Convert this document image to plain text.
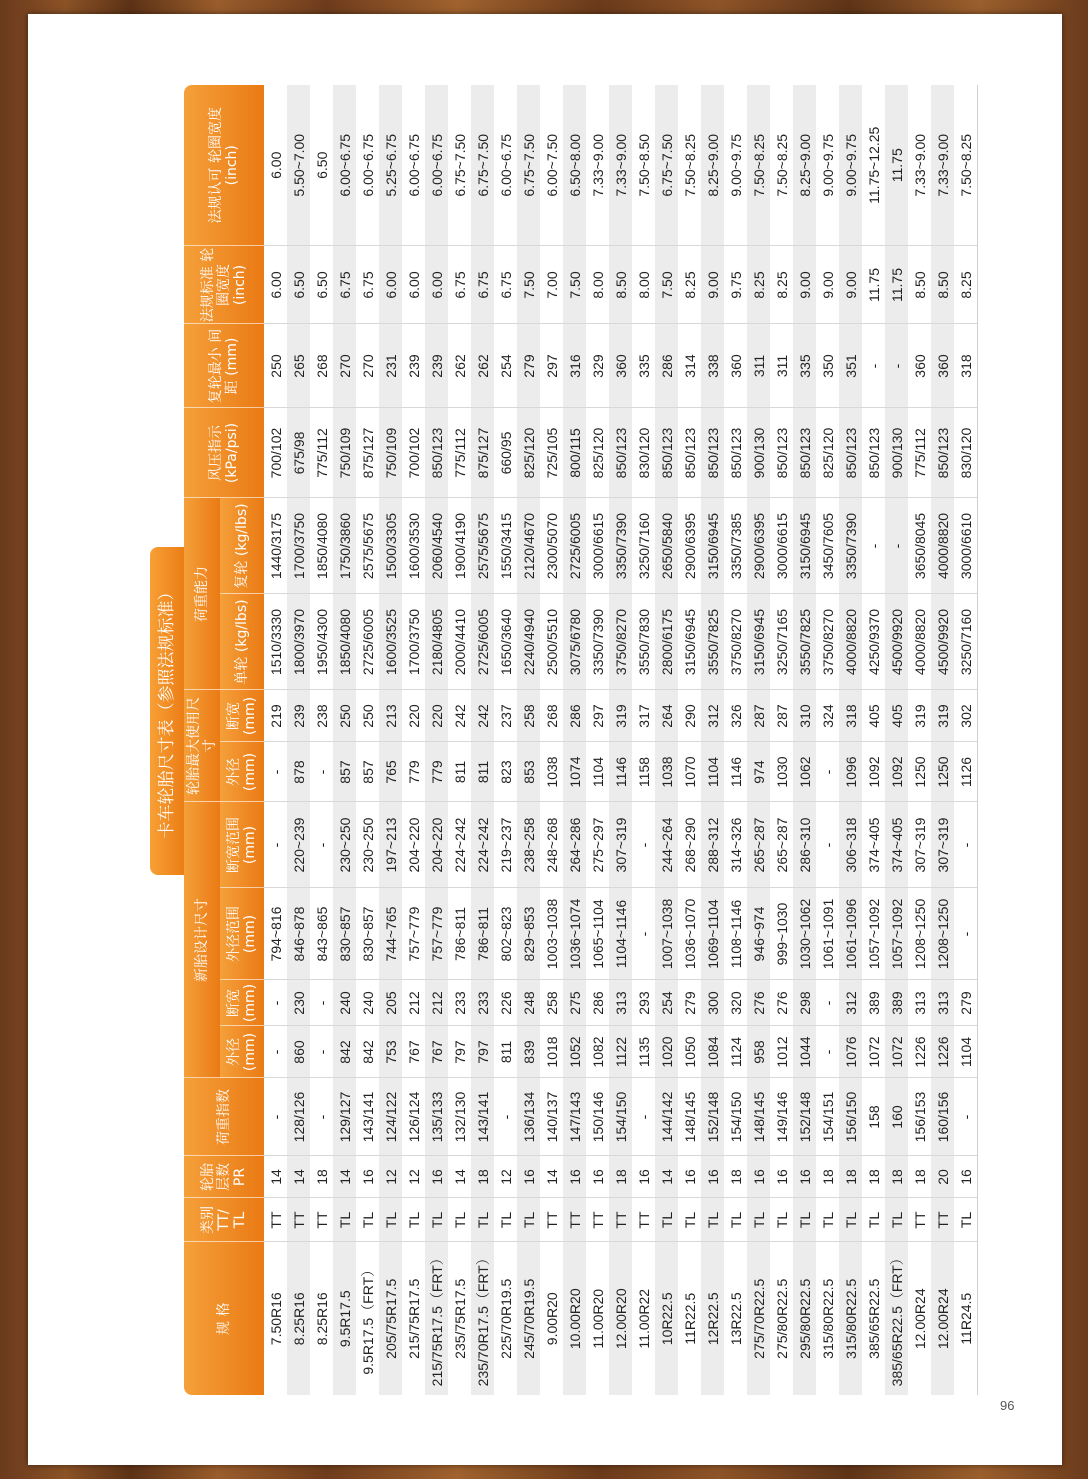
96
卡车轮胎尺寸表（参照法规标准）
规 格	类别 TT/ TL	轮胎 层数 PR	荷重指数	新胎设计尺寸				轮胎最大使用尺寸		荷重能力		风压指示 (kPa/psi)	复轮最小 间距 (mm)	法规标准 轮圈宽度 (inch)	法规认可 轮圈宽度 (inch)
				外径 (mm)	断宽 (mm)	外径范围 (mm)	断宽范围 (mm)	外径 (mm)	断宽 (mm)	单轮 (kg/lbs)	复轮 (kg/lbs)				
7.50R16	TT	14	-	-	-	794~816	-	-	219	1510/3330	1440/3175	700/102	250	6.00	6.00
8.25R16	TT	14	128/126	860	230	846~878	220~239	878	239	1800/3970	1700/3750	675/98	265	6.50	5.50~7.00
8.25R16	TT	18	-	-	-	843~865	-	-	238	1950/4300	1850/4080	775/112	268	6.50	6.50
9.5R17.5	TL	14	129/127	842	240	830~857	230~250	857	250	1850/4080	1750/3860	750/109	270	6.75	6.00~6.75
9.5R17.5（FRT）	TL	16	143/141	842	240	830~857	230~250	857	250	2725/6005	2575/5675	875/127	270	6.75	6.00~6.75
205/75R17.5	TL	12	124/122	753	205	744~765	197~213	765	213	1600/3525	1500/3305	750/109	231	6.00	5.25~6.75
215/75R17.5	TL	12	126/124	767	212	757~779	204~220	779	220	1700/3750	1600/3530	700/102	239	6.00	6.00~6.75
215/75R17.5（FRT）	TL	16	135/133	767	212	757~779	204~220	779	220	2180/4805	2060/4540	850/123	239	6.00	6.00~6.75
235/75R17.5	TL	14	132/130	797	233	786~811	224~242	811	242	2000/4410	1900/4190	775/112	262	6.75	6.75~7.50
235/70R17.5（FRT）	TL	18	143/141	797	233	786~811	224~242	811	242	2725/6005	2575/5675	875/127	262	6.75	6.75~7.50
225/70R19.5	TL	12	-	811	226	802~823	219~237	823	237	1650/3640	1550/3415	660/95	254	6.75	6.00~6.75
245/70R19.5	TL	16	136/134	839	248	829~853	238~258	853	258	2240/4940	2120/4670	825/120	279	7.50	6.75~7.50
9.00R20	TT	14	140/137	1018	258	1003~1038	248~268	1038	268	2500/5510	2300/5070	725/105	297	7.00	6.00~7.50
10.00R20	TT	16	147/143	1052	275	1036~1074	264~286	1074	286	3075/6780	2725/6005	800/115	316	7.50	6.50~8.00
11.00R20	TT	16	150/146	1082	286	1065~1104	275~297	1104	297	3350/7390	3000/6615	825/120	329	8.00	7.33~9.00
12.00R20	TT	18	154/150	1122	313	1104~1146	307~319	1146	319	3750/8270	3350/7390	850/123	360	8.50	7.33~9.00
11.00R22	TT	16	-	1135	293	-	-	1158	317	3550/7830	3250/7160	830/120	335	8.00	7.50~8.50
10R22.5	TL	14	144/142	1020	254	1007~1038	244~264	1038	264	2800/6175	2650/5840	850/123	286	7.50	6.75~7.50
11R22.5	TL	16	148/145	1050	279	1036~1070	268~290	1070	290	3150/6945	2900/6395	850/123	314	8.25	7.50~8.25
12R22.5	TL	16	152/148	1084	300	1069~1104	288~312	1104	312	3550/7825	3150/6945	850/123	338	9.00	8.25~9.00
13R22.5	TL	18	154/150	1124	320	1108~1146	314~326	1146	326	3750/8270	3350/7385	850/123	360	9.75	9.00~9.75
275/70R22.5	TL	16	148/145	958	276	946~974	265~287	974	287	3150/6945	2900/6395	900/130	311	8.25	7.50~8.25
275/80R22.5	TL	16	149/146	1012	276	999~1030	265~287	1030	287	3250/7165	3000/6615	850/123	311	8.25	7.50~8.25
295/80R22.5	TL	16	152/148	1044	298	1030~1062	286~310	1062	310	3550/7825	3150/6945	850/123	335	9.00	8.25~9.00
315/80R22.5	TL	18	154/151	-	-	1061~1091	-	-	324	3750/8270	3450/7605	825/120	350	9.00	9.00~9.75
315/80R22.5	TL	18	156/150	1076	312	1061~1096	306~318	1096	318	4000/8820	3350/7390	850/123	351	9.00	9.00~9.75
385/65R22.5	TL	18	158	1072	389	1057~1092	374~405	1092	405	4250/9370	-	850/123	-	11.75	11.75~12.25
385/65R22.5（FRT）	TL	18	160	1072	389	1057~1092	374~405	1092	405	4500/9920	-	900/130	-	11.75	11.75
12.00R24	TT	18	156/153	1226	313	1208~1250	307~319	1250	319	4000/8820	3650/8045	775/112	360	8.50	7.33~9.00
12.00R24	TT	20	160/156	1226	313	1208~1250	307~319	1250	319	4500/9920	4000/8820	850/123	360	8.50	7.33~9.00
11R24.5	TL	16	-	1104	279	-	-	1126	302	3250/7160	3000/6610	830/120	318	8.25	7.50~8.25
